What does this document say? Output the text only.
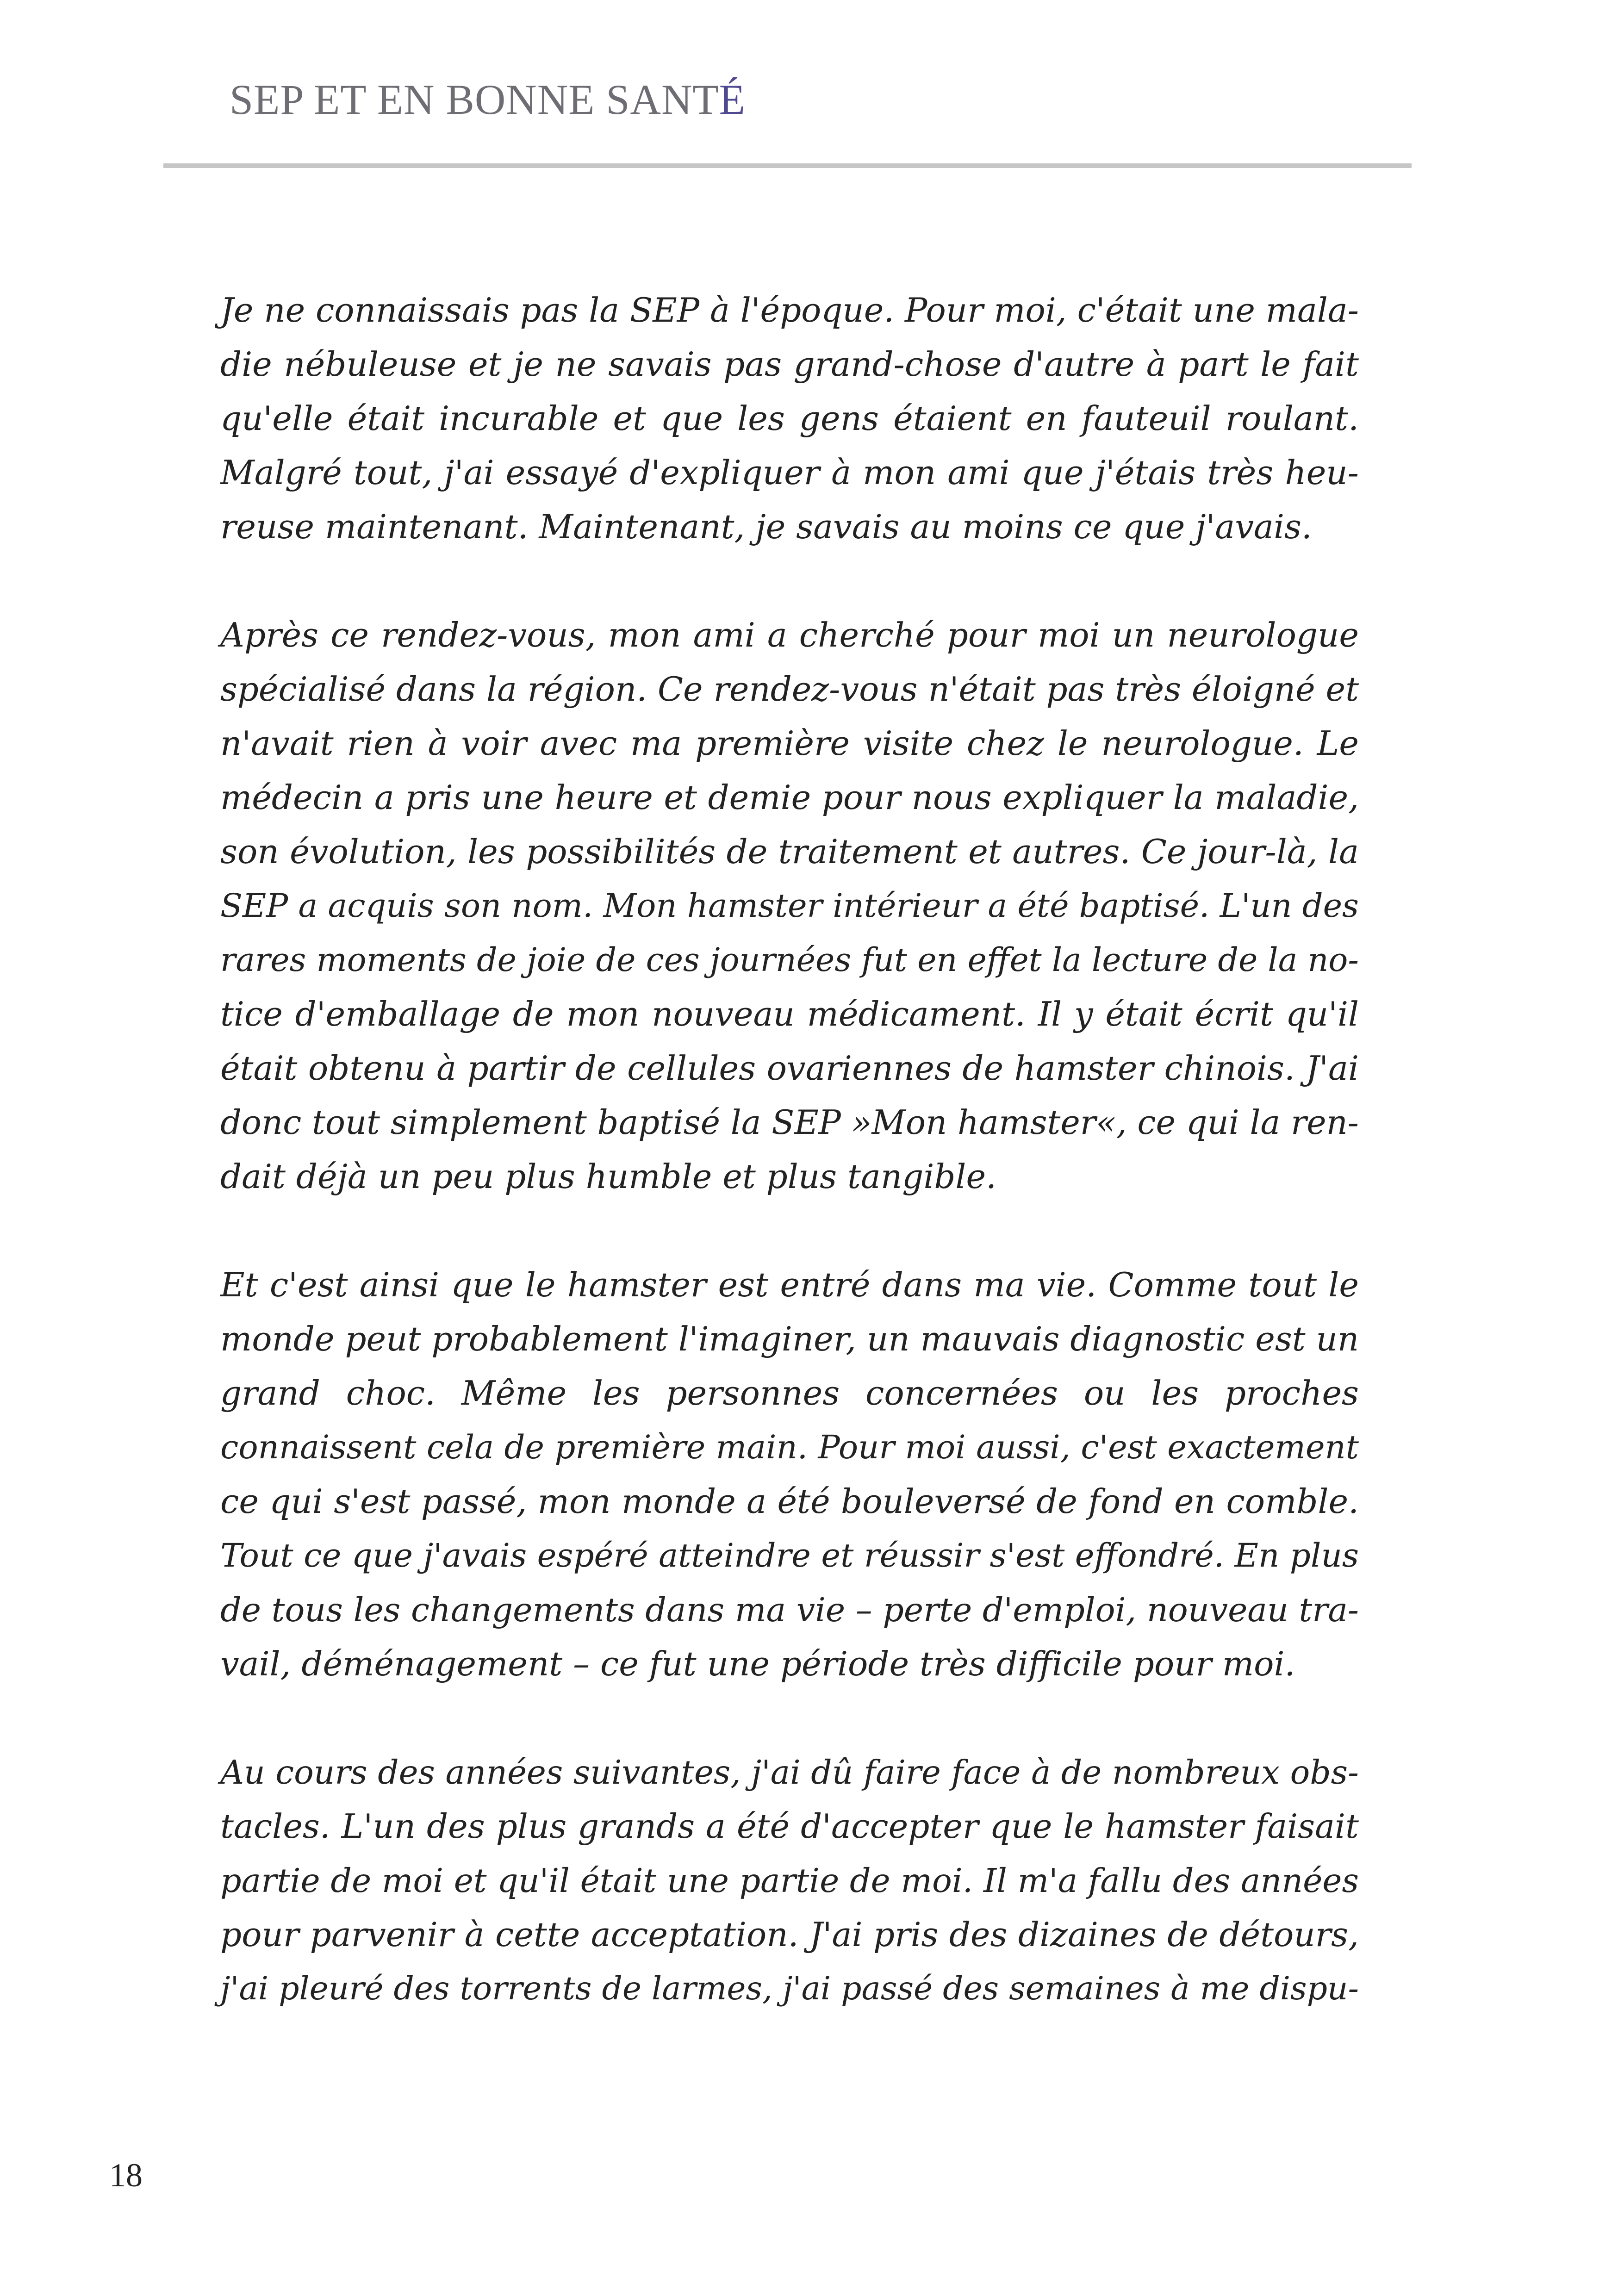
SEP ET EN BONNE SANTÉ
Je ne connaissais pas la SEP à l'époque. Pour moi, c'était une mala-
die nébuleuse et je ne savais pas grand-chose d'autre à part le fait
qu'elle était incurable et que les gens étaient en fauteuil roulant.
Malgré tout, j'ai essayé d'expliquer à mon ami que j'étais très heu-
reuse maintenant. Maintenant, je savais au moins ce que j'avais.
Après ce rendez-vous, mon ami a cherché pour moi un neurologue
spécialisé dans la région. Ce rendez-vous n'était pas très éloigné et
n'avait rien à voir avec ma première visite chez le neurologue. Le
médecin a pris une heure et demie pour nous expliquer la maladie,
son évolution, les possibilités de traitement et autres. Ce jour-là, la
SEP a acquis son nom. Mon hamster intérieur a été baptisé. L'un des
rares moments de joie de ces journées fut en effet la lecture de la no-
tice d'emballage de mon nouveau médicament. Il y était écrit qu'il
était obtenu à partir de cellules ovariennes de hamster chinois. J'ai
donc tout simplement baptisé la SEP »Mon hamster«, ce qui la ren-
dait déjà un peu plus humble et plus tangible.
Et c'est ainsi que le hamster est entré dans ma vie. Comme tout le
monde peut probablement l'imaginer, un mauvais diagnostic est un
grand choc. Même les personnes concernées ou les proches
connaissent cela de première main. Pour moi aussi, c'est exactement
ce qui s'est passé, mon monde a été bouleversé de fond en comble.
Tout ce que j'avais espéré atteindre et réussir s'est effondré. En plus
de tous les changements dans ma vie – perte d'emploi, nouveau tra-
vail, déménagement – ce fut une période très difficile pour moi.
Au cours des années suivantes, j'ai dû faire face à de nombreux obs-
tacles. L'un des plus grands a été d'accepter que le hamster faisait
partie de moi et qu'il était une partie de moi. Il m'a fallu des années
pour parvenir à cette acceptation. J'ai pris des dizaines de détours,
j'ai pleuré des torrents de larmes, j'ai passé des semaines à me dispu-
18
